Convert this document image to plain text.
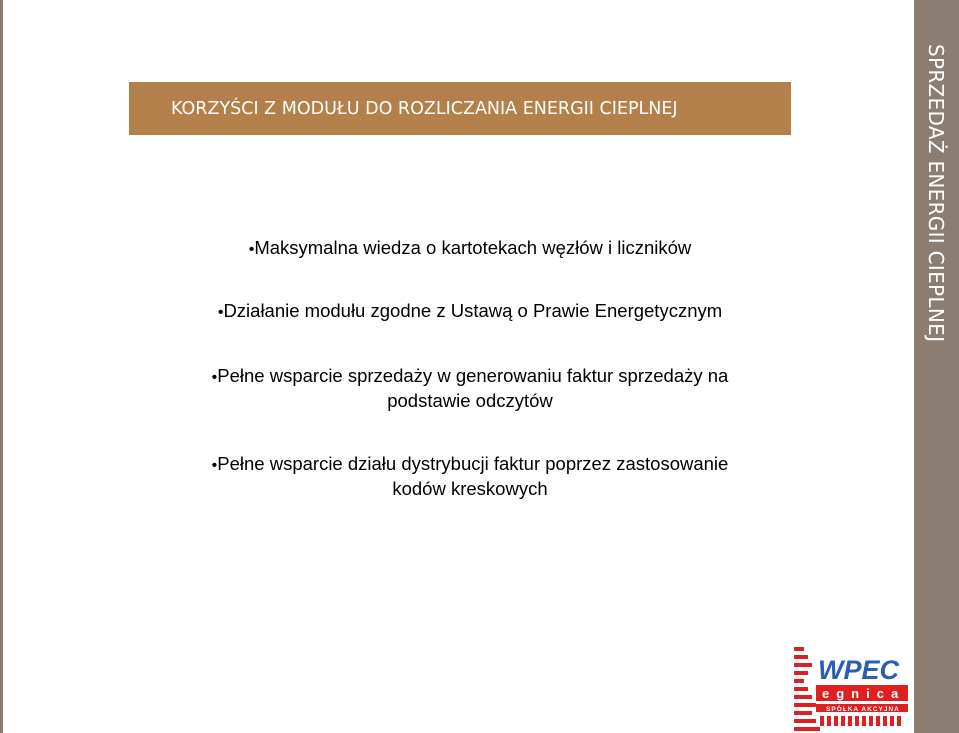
KORZYŚCI Z MODUŁU DO ROZLICZANIA ENERGII CIEPLNEJ
•Maksymalna wiedza o kartotekach węzłów i liczników
•Działanie modułu zgodne z Ustawą o Prawie Energetycznym
•Pełne wsparcie sprzedaży w generowaniu faktur sprzedaży na
podstawie odczytów
•Pełne wsparcie działu dystrybucji faktur poprzez zastosowanie
kodów kreskowych
SPRZEDAŻ ENERGII CIEPLNEJ
WPEC
egnica
SPÓŁKA AKCYJNA
